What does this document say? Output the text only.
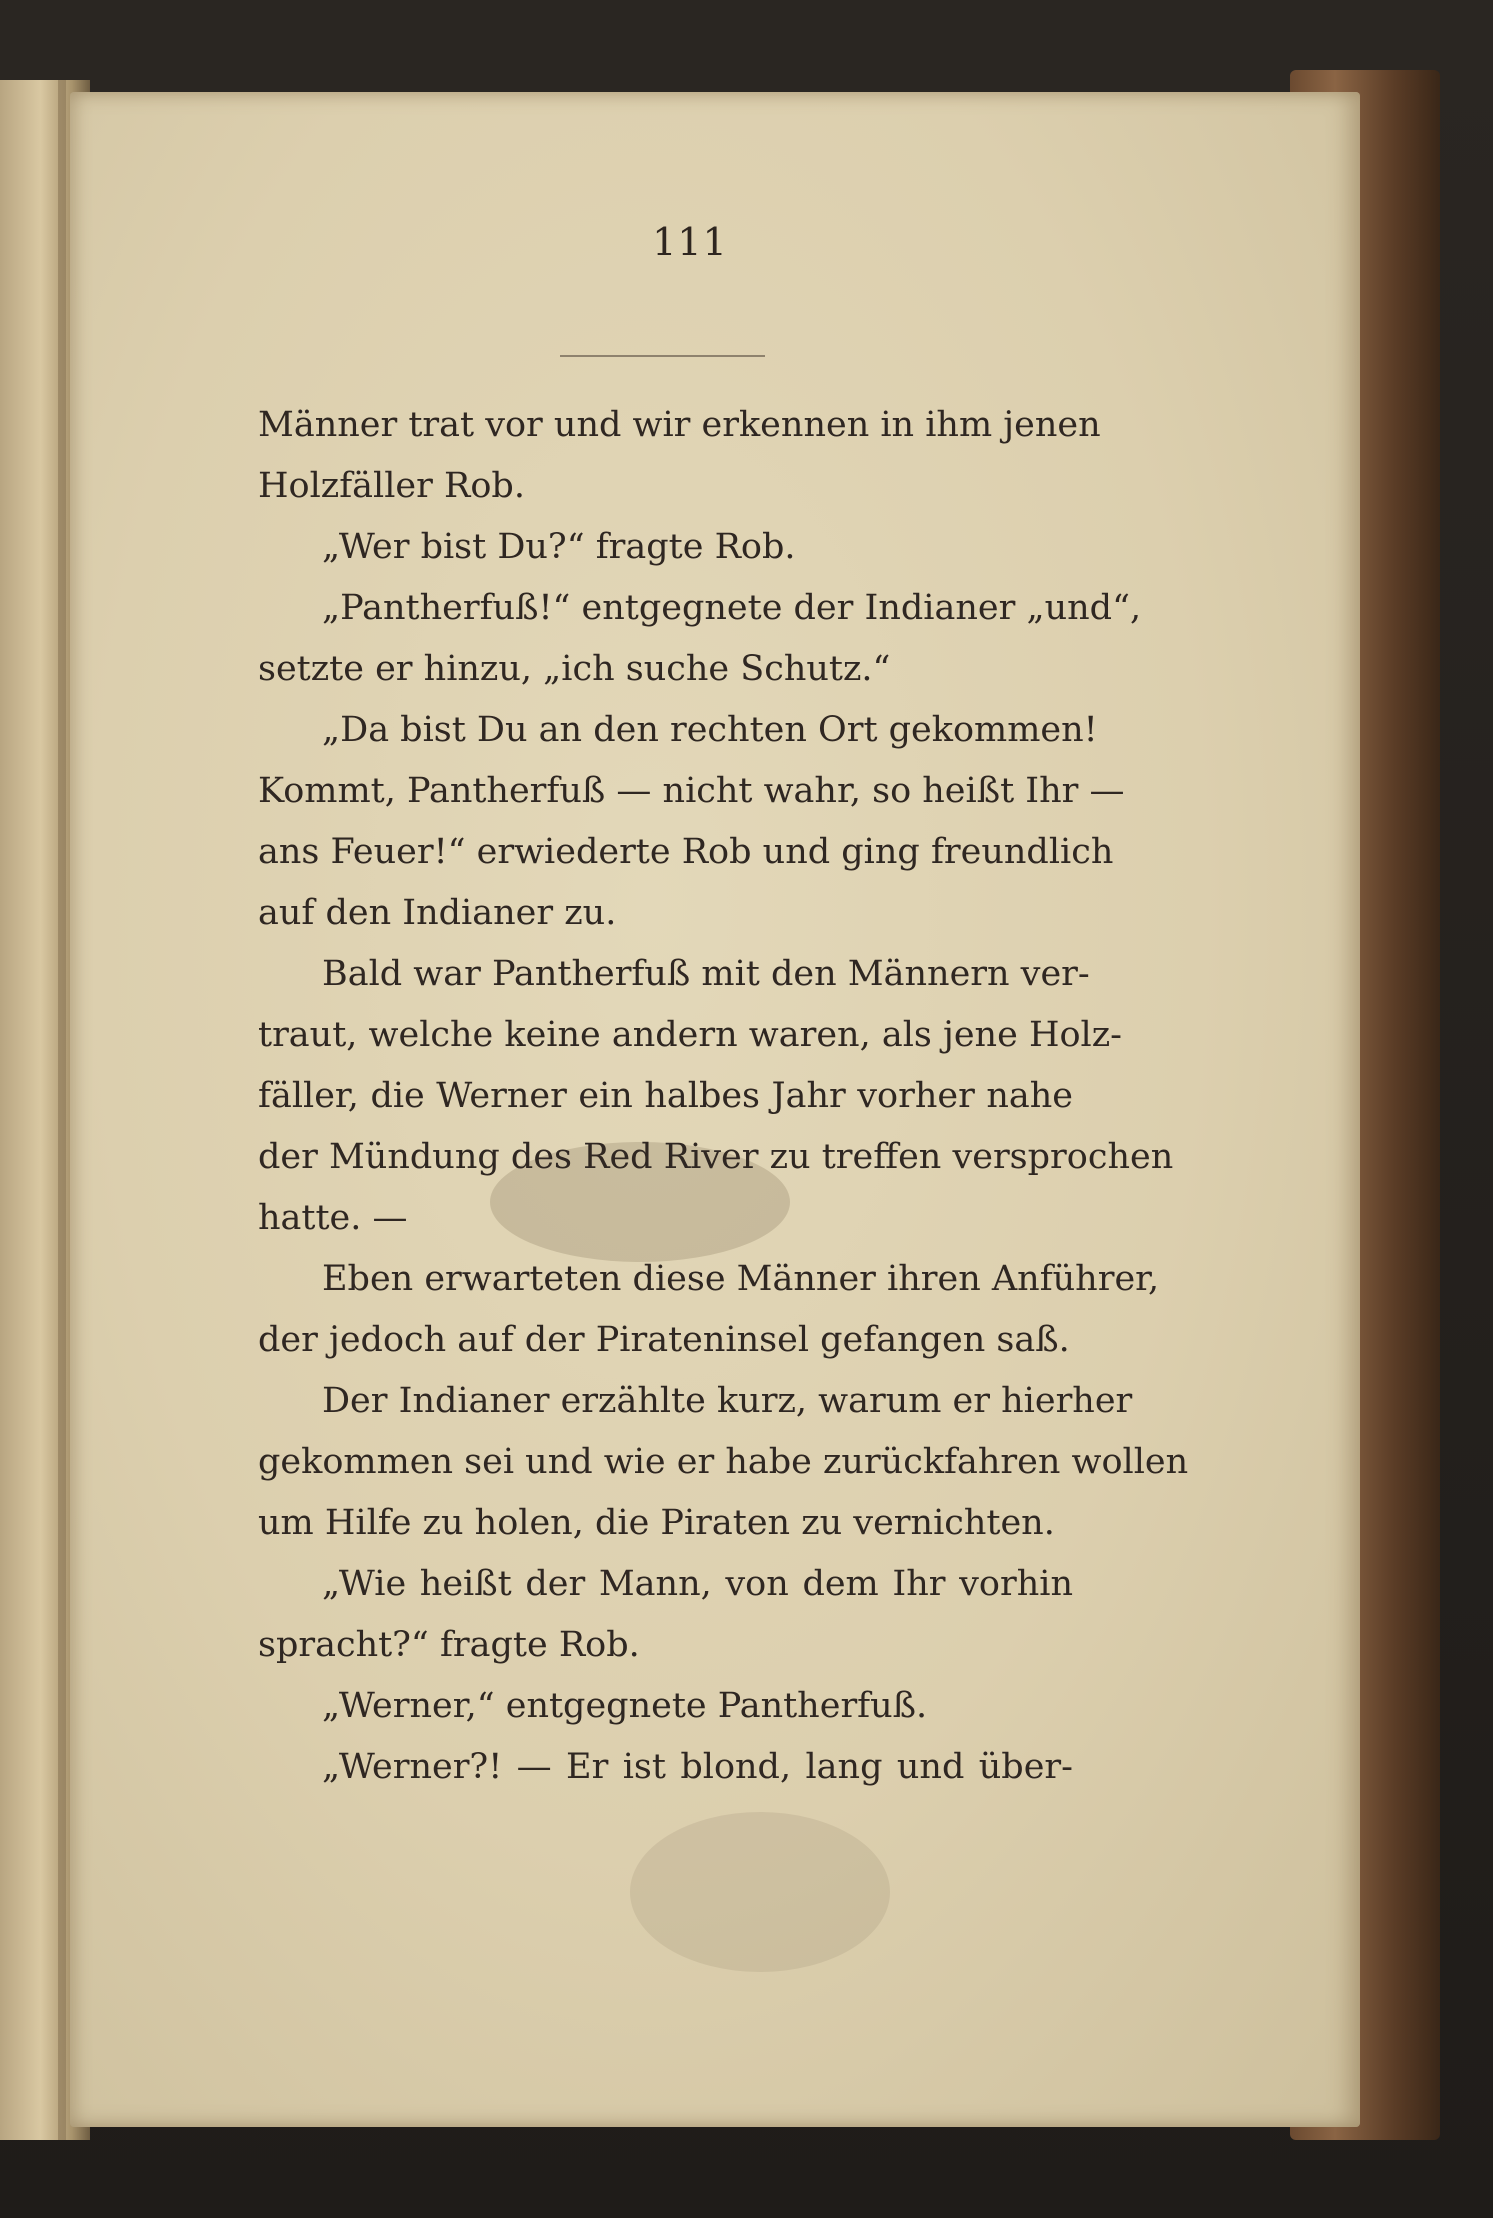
111
Männer trat vor und wir erkennen in ihm jenen
Holzfäller Rob.
„Wer bist Du?“ fragte Rob.
„Pantherfuß!“ entgegnete der Indianer „und“,
setzte er hinzu, „ich suche Schutz.“
„Da bist Du an den rechten Ort gekommen!
Kommt, Pantherfuß — nicht wahr, so heißt Ihr —
ans Feuer!“ erwiederte Rob und ging freundlich
auf den Indianer zu.
Bald war Pantherfuß mit den Männern ver-
traut, welche keine andern waren, als jene Holz-
fäller, die Werner ein halbes Jahr vorher nahe
der Mündung des Red River zu treffen versprochen
hatte. —
Eben erwarteten diese Männer ihren Anführer,
der jedoch auf der Pirateninsel gefangen saß.
Der Indianer erzählte kurz, warum er hierher
gekommen sei und wie er habe zurückfahren wollen
um Hilfe zu holen, die Piraten zu vernichten.
„Wie heißt der Mann, von dem Ihr vorhin
spracht?“ fragte Rob.
„Werner,“ entgegnete Pantherfuß.
„Werner?! — Er ist blond, lang und über-
